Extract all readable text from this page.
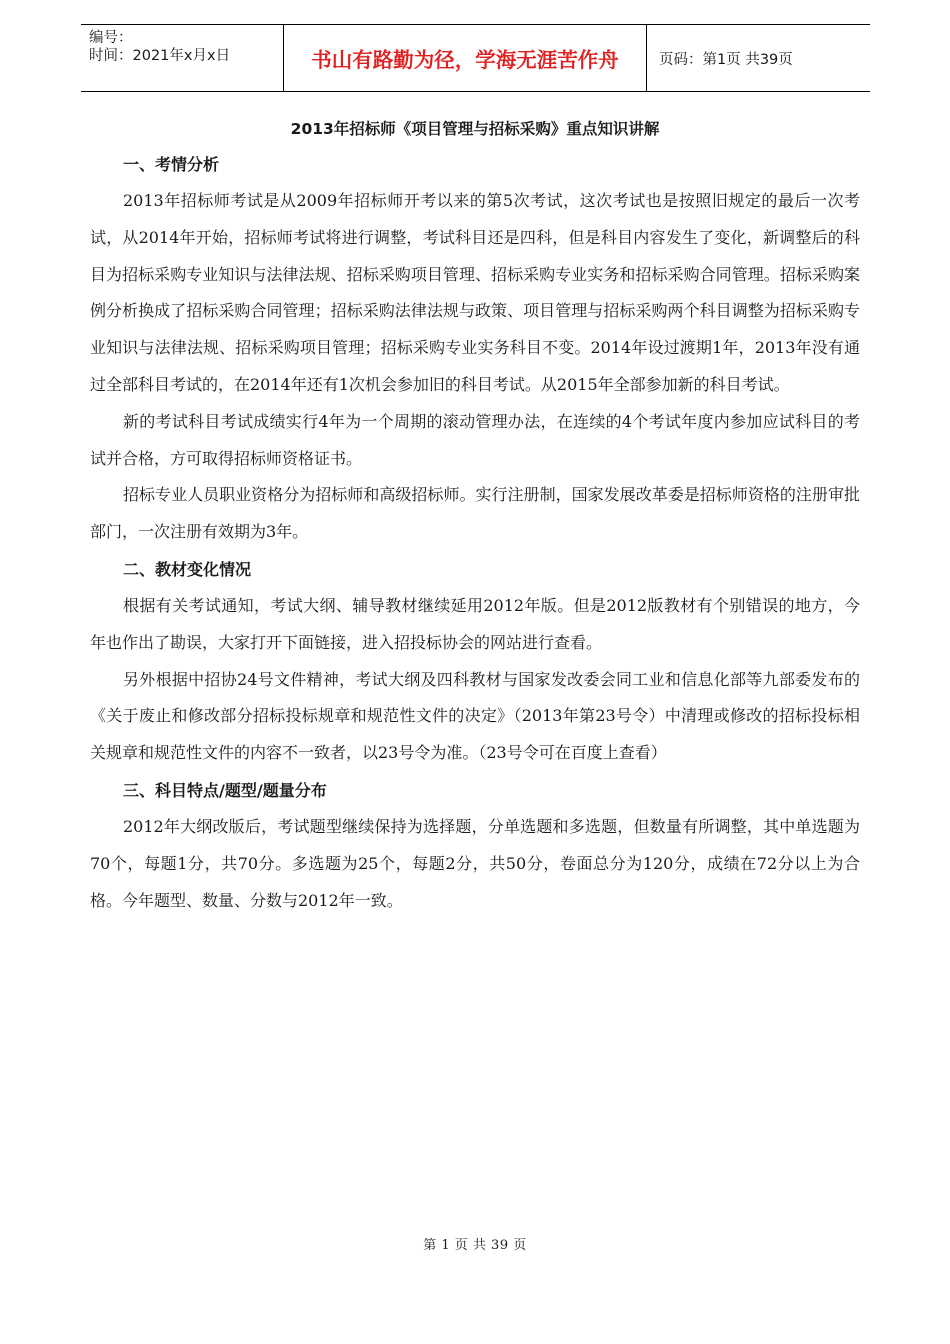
编号：
时间：2021年x月x日	书山有路勤为径，学海无涯苦作舟	页码：第1页 共39页
2013年招标师《项目管理与招标采购》重点知识讲解
一、考情分析

2013年招标师考试是从2009年招标师开考以来的第5次考试，这次考试也是按照旧规定的最后一次考试，从2014年开始，招标师考试将进行调整，考试科目还是四科，但是科目内容发生了变化，新调整后的科目为招标采购专业知识与法律法规、招标采购项目管理、招标采购专业实务和招标采购合同管理。招标采购案例分析换成了招标采购合同管理；招标采购法律法规与政策、项目管理与招标采购两个科目调整为招标采购专业知识与法律法规、招标采购项目管理；招标采购专业实务科目不变。2014年设过渡期1年，2013年没有通过全部科目考试的，在2014年还有1次机会参加旧的科目考试。从2015年全部参加新的科目考试。

新的考试科目考试成绩实行4年为一个周期的滚动管理办法，在连续的4个考试年度内参加应试科目的考试并合格，方可取得招标师资格证书。

招标专业人员职业资格分为招标师和高级招标师。实行注册制，国家发展改革委是招标师资格的注册审批部门，一次注册有效期为3年。

二、教材变化情况

根据有关考试通知，考试大纲、辅导教材继续延用2012年版。但是2012版教材有个别错误的地方，今年也作出了勘误，大家打开下面链接，进入招投标协会的网站进行查看。

另外根据中招协24号文件精神，考试大纲及四科教材与国家发改委会同工业和信息化部等九部委发布的《关于废止和修改部分招标投标规章和规范性文件的决定》（2013年第23号令）中清理或修改的招标投标相关规章和规范性文件的内容不一致者，以23号令为准。（23号令可在百度上查看）

三、科目特点/题型/题量分布

2012年大纲改版后，考试题型继续保持为选择题，分单选题和多选题，但数量有所调整，其中单选题为70个，每题1分，共70分。多选题为25个，每题2分，共50分，卷面总分为120分，成绩在72分以上为合格。今年题型、数量、分数与2012年一致。

第 1 页 共 39 页
